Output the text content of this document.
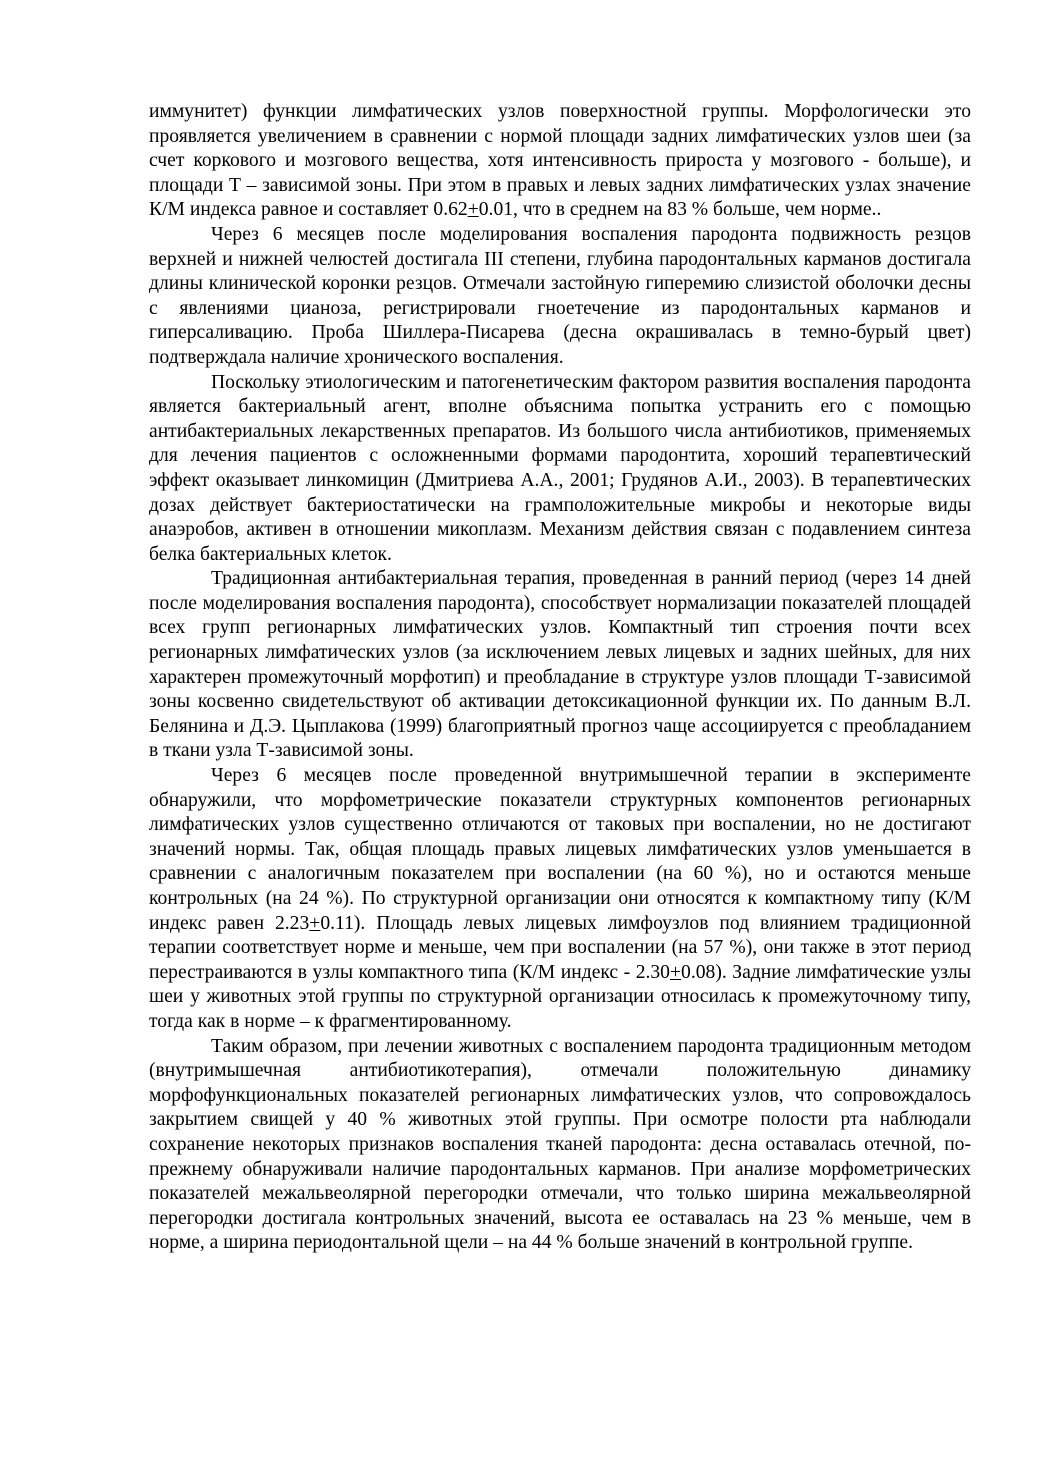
иммунитет) функции лимфатических узлов поверхностной группы. Морфологически это проявляется увеличением в сравнении с нормой площади задних лимфатических узлов шеи (за счет коркового и мозгового вещества, хотя интенсивность прироста у мозгового - больше), и площади Т – зависимой зоны. При этом в правых и левых задних лимфатических узлах значение К/М индекса равное и составляет 0.62+0.01, что в среднем на 83 % больше, чем норме..

Через 6 месяцев после моделирования воспаления пародонта подвижность резцов верхней и нижней челюстей достигала III степени, глубина пародонтальных карманов достигала длины клинической коронки резцов. Отмечали застойную гиперемию слизистой оболочки десны с явлениями цианоза, регистрировали гноетечение из пародонтальных карманов и гиперсаливацию. Проба Шиллера-Писарева (десна окрашивалась в темно-бурый цвет) подтверждала наличие хронического воспаления.

Поскольку этиологическим и патогенетическим фактором развития воспаления пародонта является бактериальный агент, вполне объяснима попытка устранить его с помощью антибактериальных лекарственных препаратов. Из большого числа антибиотиков, применяемых для лечения пациентов с осложненными формами пародонтита, хороший терапевтический эффект оказывает линкомицин (Дмитриева А.А., 2001; Грудянов А.И., 2003). В терапевтических дозах действует бактериостатически на грамположительные микробы и некоторые виды анаэробов, активен в отношении микоплазм. Механизм действия связан с подавлением синтеза белка бактериальных клеток.

Традиционная антибактериальная терапия, проведенная в ранний период (через 14 дней после моделирования воспаления пародонта), способствует нормализации показателей площадей всех групп регионарных лимфатических узлов. Компактный тип строения почти всех регионарных лимфатических узлов (за исключением левых лицевых и задних шейных, для них характерен промежуточный морфотип) и преобладание в структуре узлов площади Т-зависимой зоны косвенно свидетельствуют об активации детоксикационной функции их. По данным В.Л. Белянина и Д.Э. Цыплакова (1999) благоприятный прогноз чаще ассоциируется с преобладанием в ткани узла Т-зависимой зоны.

Через 6 месяцев после проведенной внутримышечной терапии в эксперименте обнаружили, что морфометрические показатели структурных компонентов регионарных лимфатических узлов существенно отличаются от таковых при воспалении, но не достигают значений нормы. Так, общая площадь правых лицевых лимфатических узлов уменьшается в сравнении с аналогичным показателем при воспалении (на 60 %), но и остаются меньше контрольных (на 24 %). По структурной организации они относятся к компактному типу (К/М индекс равен 2.23+0.11). Площадь левых лицевых лимфоузлов под влиянием традиционной терапии соответствует норме и меньше, чем при воспалении (на 57 %), они также в этот период перестраиваются в узлы компактного типа (К/М индекс - 2.30+0.08). Задние лимфатические узлы шеи у животных этой группы по структурной организации относилась к промежуточному типу, тогда как в норме – к фрагментированному.

Таким образом, при лечении животных с воспалением пародонта традиционным методом (внутримышечная антибиотикотерапия), отмечали положительную динамику морфофункциональных показателей регионарных лимфатических узлов, что сопровождалось закрытием свищей у 40 % животных этой группы. При осмотре полости рта наблюдали сохранение некоторых признаков воспаления тканей пародонта: десна оставалась отечной, по-прежнему обнаруживали наличие пародонтальных карманов. При анализе морфометрических показателей межальвеолярной перегородки отмечали, что только ширина межальвеолярной перегородки достигала контрольных значений, высота ее оставалась на 23 % меньше, чем в норме, а ширина периодонтальной щели – на 44 % больше значений в контрольной группе.
